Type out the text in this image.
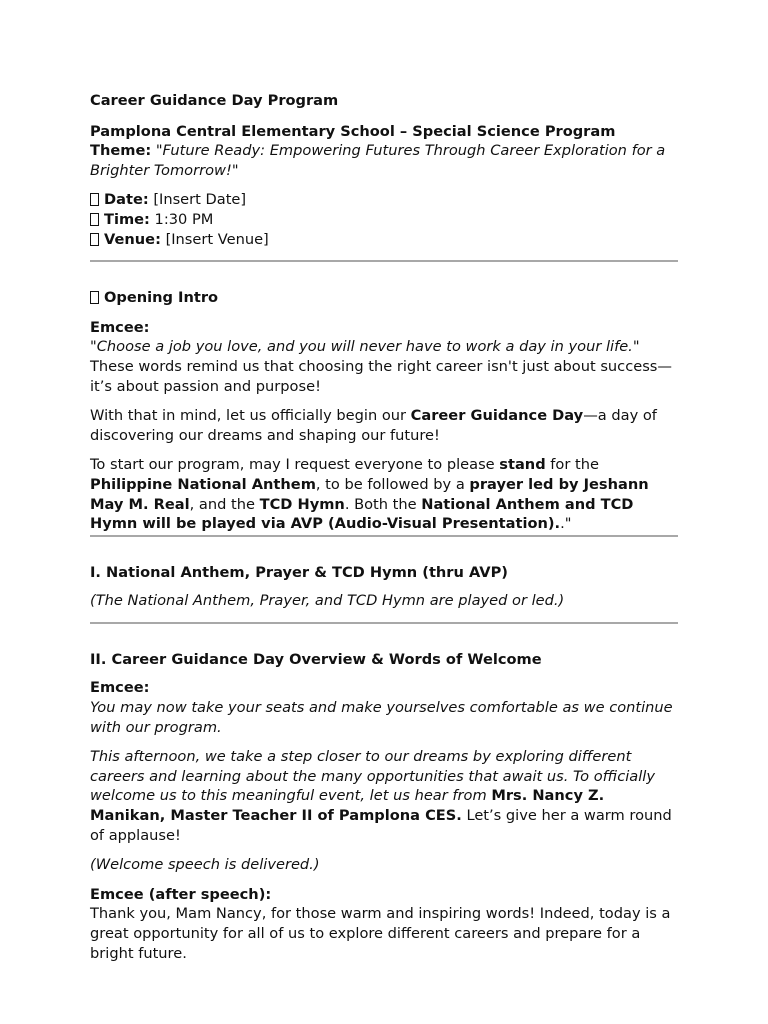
Career Guidance Day Program

Pamplona Central Elementary School – Special Science Program

Theme: "Future Ready: Empowering Futures Through Career Exploration for a Brighter Tomorrow!"

Date: [Insert Date]

Time: 1:30 PM

Venue: [Insert Venue]

Opening Intro

Emcee:

"Choose a job you love, and you will never have to work a day in your life." These words remind us that choosing the right career isn't just about success—it’s about passion and purpose!

With that in mind, let us officially begin our Career Guidance Day—a day of discovering our dreams and shaping our future!

To start our program, may I request everyone to please stand for the Philippine National Anthem, to be followed by a prayer led by Jeshann May M. Real, and the TCD Hymn. Both the National Anthem and TCD Hymn will be played via AVP (Audio-Visual Presentation).."

I. National Anthem, Prayer & TCD Hymn (thru AVP)

(The National Anthem, Prayer, and TCD Hymn are played or led.)

II. Career Guidance Day Overview & Words of Welcome

Emcee:

You may now take your seats and make yourselves comfortable as we continue with our program.

This afternoon, we take a step closer to our dreams by exploring different careers and learning about the many opportunities that await us. To officially welcome us to this meaningful event, let us hear from Mrs. Nancy Z. Manikan, Master Teacher II of Pamplona CES. Let’s give her a warm round of applause!

(Welcome speech is delivered.)

Emcee (after speech):

Thank you, Mam Nancy, for those warm and inspiring words! Indeed, today is a great opportunity for all of us to explore different careers and prepare for a bright future.
